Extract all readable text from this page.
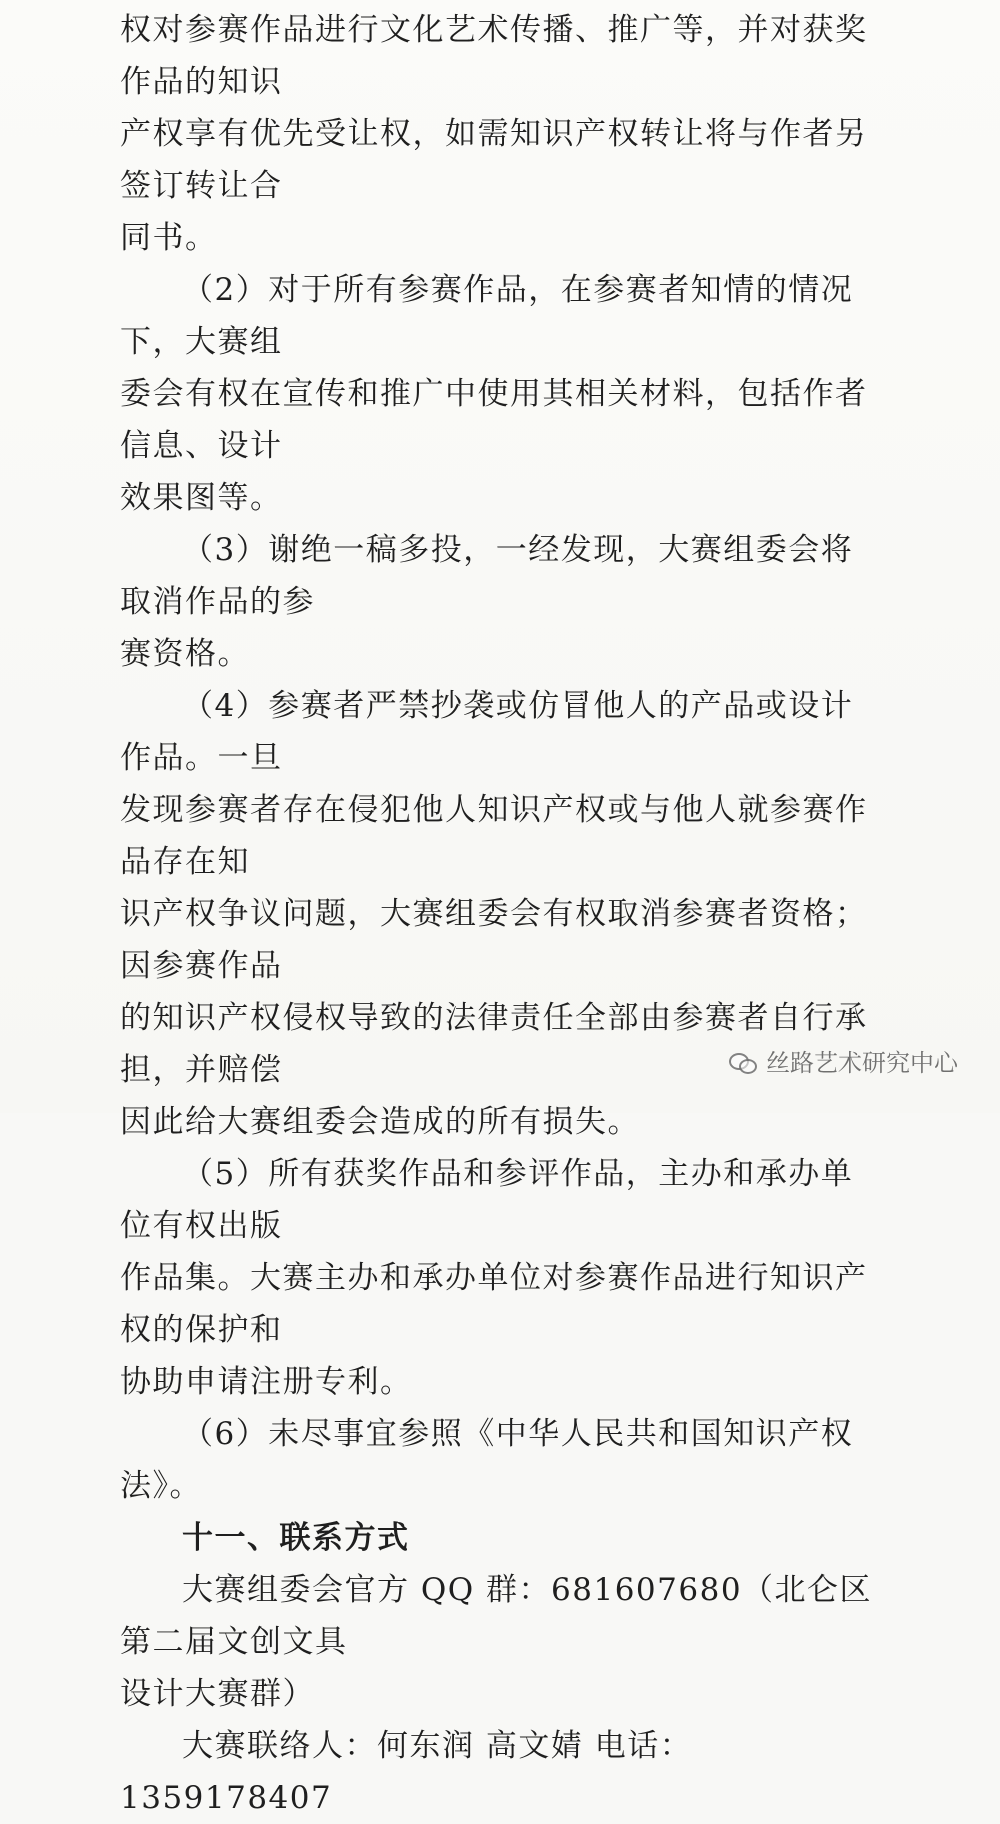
权对参赛作品进行文化艺术传播、推广等，并对获奖作品的知识

产权享有优先受让权，如需知识产权转让将与作者另签订转让合

同书。

（2）对于所有参赛作品，在参赛者知情的情况下，大赛组

委会有权在宣传和推广中使用其相关材料，包括作者信息、设计

效果图等。

（3）谢绝一稿多投，一经发现，大赛组委会将取消作品的参

赛资格。

（4）参赛者严禁抄袭或仿冒他人的产品或设计作品。一旦

发现参赛者存在侵犯他人知识产权或与他人就参赛作品存在知

识产权争议问题，大赛组委会有权取消参赛者资格；因参赛作品

的知识产权侵权导致的法律责任全部由参赛者自行承担，并赔偿

因此给大赛组委会造成的所有损失。

（5）所有获奖作品和参评作品，主办和承办单位有权出版

作品集。大赛主办和承办单位对参赛作品进行知识产权的保护和

协助申请注册专利。

（6）未尽事宜参照《中华人民共和国知识产权法》。

十一、联系方式

大赛组委会官方 QQ 群：681607680（北仑区第二届文创文具

设计大赛群）

大赛联络人：何东润 高文婧 电话：1359178407

丝路艺术研究中心
